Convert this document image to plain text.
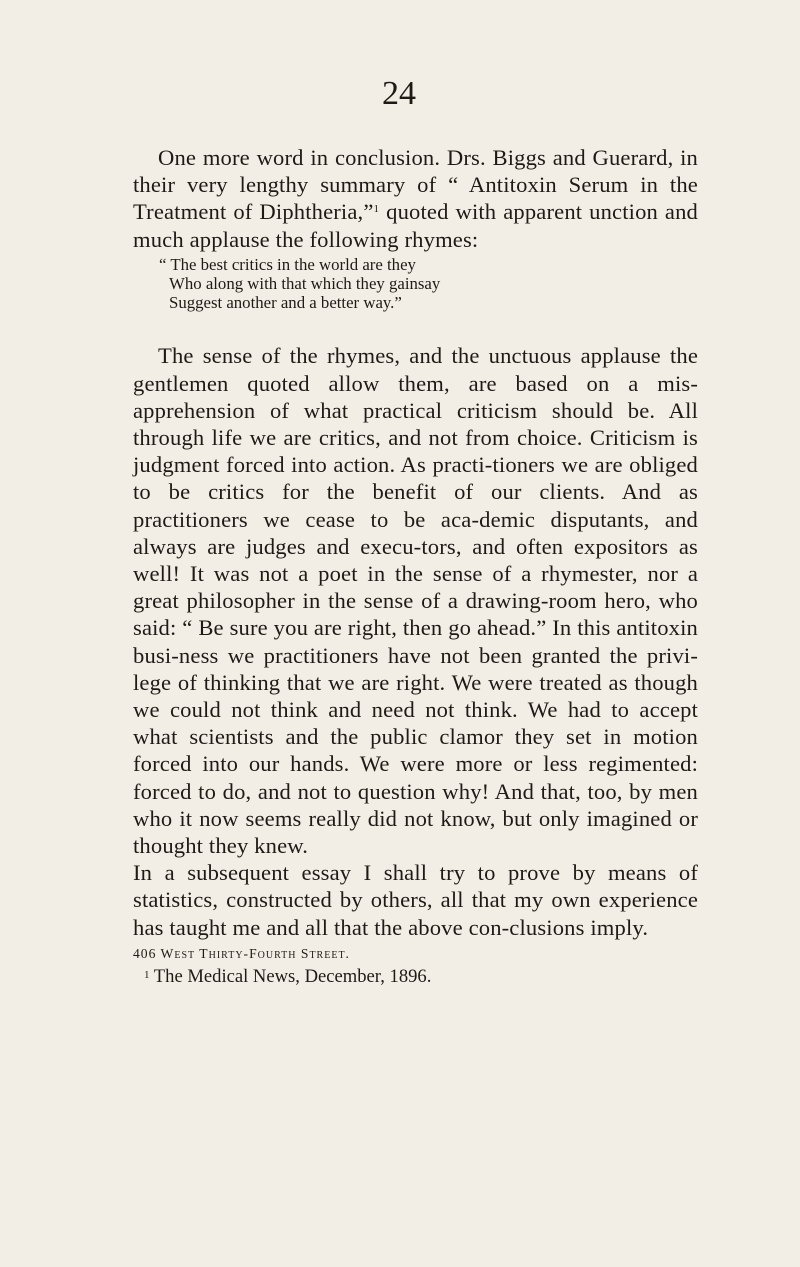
24

One more word in conclusion. Drs. Biggs and Guerard, in their very lengthy summary of “ Antitoxin Serum in the Treatment of Diphtheria,”$^1$ quoted with apparent unction and much applause the following rhymes:

“ The best critics in the world are they
Who along with that which they gainsay
Suggest another and a better way.”

The sense of the rhymes, and the unctuous applause the gentlemen quoted allow them, are based on a mis-apprehension of what practical criticism should be. All through life we are critics, and not from choice. Criticism is judgment forced into action. As practi-tioners we are obliged to be critics for the benefit of our clients. And as practitioners we cease to be aca-demic disputants, and always are judges and execu-tors, and often expositors as well! It was not a poet in the sense of a rhymester, nor a great philosopher in the sense of a drawing-room hero, who said: “ Be sure you are right, then go ahead.” In this antitoxin busi-ness we practitioners have not been granted the privi-lege of thinking that we are right. We were treated as though we could not think and need not think. We had to accept what scientists and the public clamor they set in motion forced into our hands. We were more or less regimented: forced to do, and not to question why! And that, too, by men who it now seems really did not know, but only imagined or thought they knew.

In a subsequent essay I shall try to prove by means of statistics, constructed by others, all that my own experience has taught me and all that the above con-clusions imply.

406 West Thirty-Fourth Street.

$^1$ The Medical News, December, 1896.
